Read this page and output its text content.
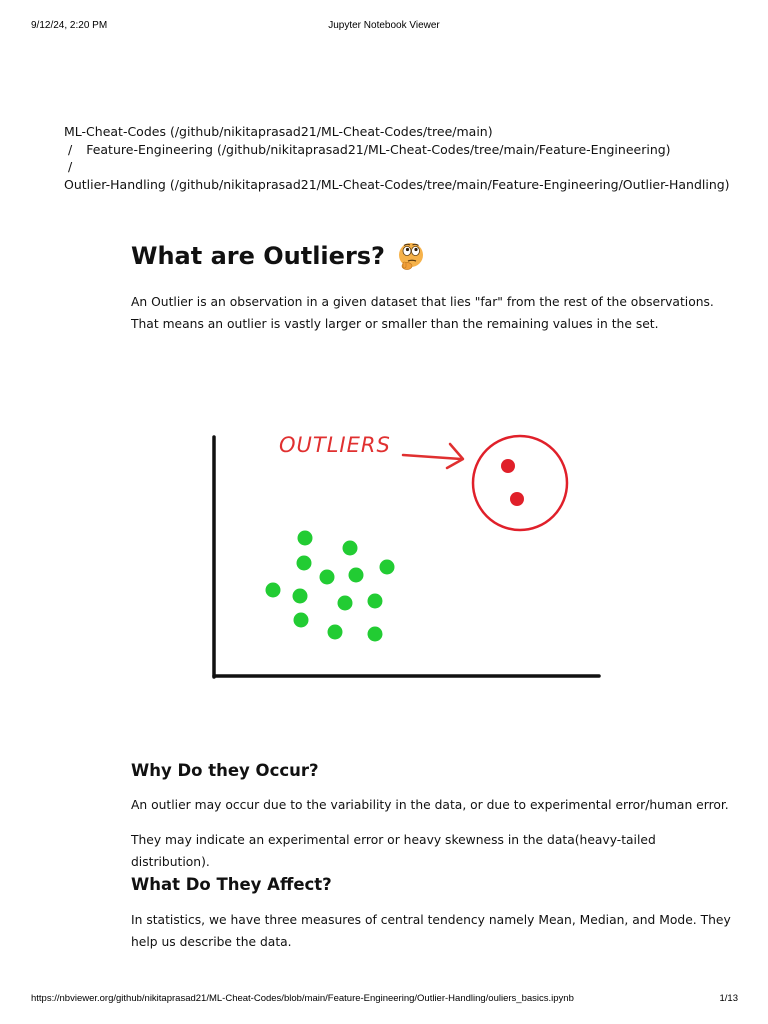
9/12/24, 2:20 PM	Jupyter Notebook Viewer
ML-Cheat-Codes (/github/nikitaprasad21/ML-Cheat-Codes/tree/main)
/ Feature-Engineering (/github/nikitaprasad21/ML-Cheat-Codes/tree/main/Feature-Engineering)
/
Outlier-Handling (/github/nikitaprasad21/ML-Cheat-Codes/tree/main/Feature-Engineering/Outlier-Handling)
What are Outliers?

An Outlier is an observation in a given dataset that lies "far" from the rest of the observations.
That means an outlier is vastly larger or smaller than the remaining values in the set.

OUTLIERS
Why Do they Occur?

An outlier may occur due to the variability in the data, or due to experimental error/human error.

They may indicate an experimental error or heavy skewness in the data(heavy-tailed distribution).

What Do They Affect?

In statistics, we have three measures of central tendency namely Mean, Median, and Mode. They
help us describe the data.

https://nbviewer.org/github/nikitaprasad21/ML-Cheat-Codes/blob/main/Feature-Engineering/Outlier-Handling/ouliers_basics.ipynb	1/13
